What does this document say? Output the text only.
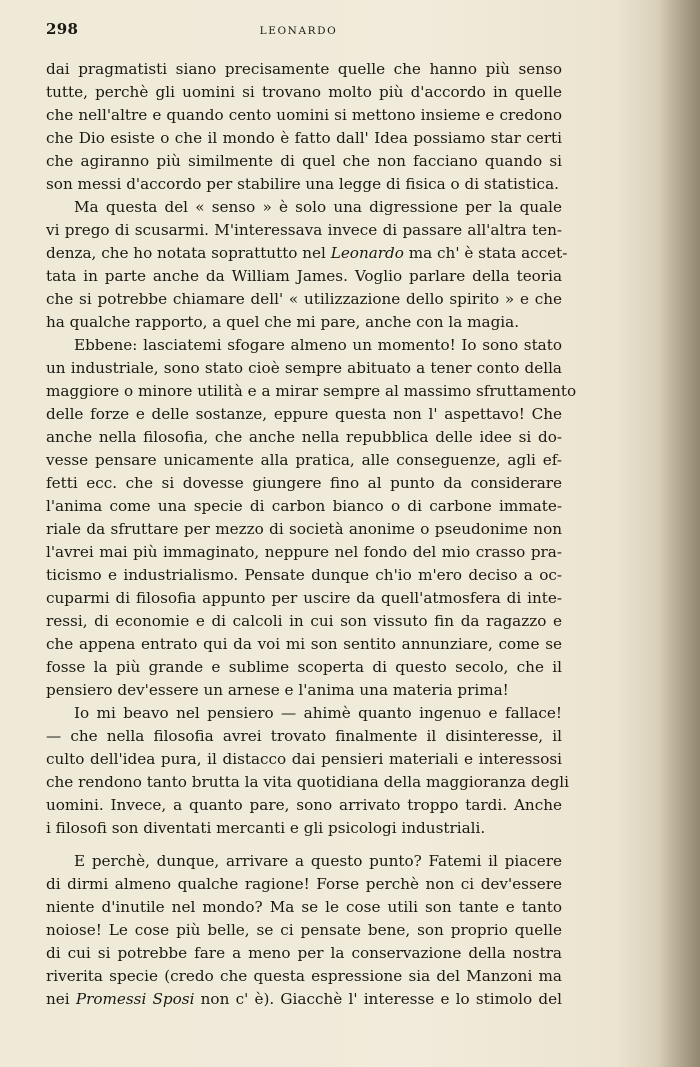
298	LEONARDO
dai pragmatisti siano precisamente quelle che hanno più senso
tutte, perchè gli uomini si trovano molto più d'accordo in quelle
che nell'altre e quando cento uomini si mettono insieme e credono
che Dio esiste o che il mondo è fatto dall' Idea possiamo star certi
che agiranno più similmente di quel che non facciano quando si
son messi d'accordo per stabilire una legge di fisica o di statistica.
Ma questa del « senso » è solo una digressione per la quale
vi prego di scusarmi. M'interessava invece di passare all'altra ten-
denza, che ho notata soprattutto nel Leonardo ma ch' è stata accet-
tata in parte anche da William James. Voglio parlare della teoria
che si potrebbe chiamare dell' « utilizzazione dello spirito » e che
ha qualche rapporto, a quel che mi pare, anche con la magia.
Ebbene: lasciatemi sfogare almeno un momento! Io sono stato
un industriale, sono stato cioè sempre abituato a tener conto della
maggiore o minore utilità e a mirar sempre al massimo sfruttamento
delle forze e delle sostanze, eppure questa non l' aspettavo! Che
anche nella filosofia, che anche nella repubblica delle idee si do-
vesse pensare unicamente alla pratica, alle conseguenze, agli ef-
fetti ecc. che si dovesse giungere fino al punto da considerare
l'anima come una specie di carbon bianco o di carbone immate-
riale da sfruttare per mezzo di società anonime o pseudonime non
l'avrei mai più immaginato, neppure nel fondo del mio crasso pra-
ticismo e industrialismo. Pensate dunque ch'io m'ero deciso a oc-
cuparmi di filosofia appunto per uscire da quell'atmosfera di inte-
ressi, di economie e di calcoli in cui son vissuto fin da ragazzo e
che appena entrato qui da voi mi son sentito annunziare, come se
fosse la più grande e sublime scoperta di questo secolo, che il
pensiero dev'essere un arnese e l'anima una materia prima!
Io mi beavo nel pensiero — ahimè quanto ingenuo e fallace!
— che nella filosofia avrei trovato finalmente il disinteresse, il
culto dell'idea pura, il distacco dai pensieri materiali e interessosi
che rendono tanto brutta la vita quotidiana della maggioranza degli
uomini. Invece, a quanto pare, sono arrivato troppo tardi. Anche
i filosofi son diventati mercanti e gli psicologi industriali.
E perchè, dunque, arrivare a questo punto? Fatemi il piacere
di dirmi almeno qualche ragione! Forse perchè non ci dev'essere
niente d'inutile nel mondo? Ma se le cose utili son tante e tanto
noiose! Le cose più belle, se ci pensate bene, son proprio quelle
di cui si potrebbe fare a meno per la conservazione della nostra
riverita specie (credo che questa espressione sia del Manzoni ma
nei Promessi Sposi non c' è). Giacchè l' interesse e lo stimolo del
